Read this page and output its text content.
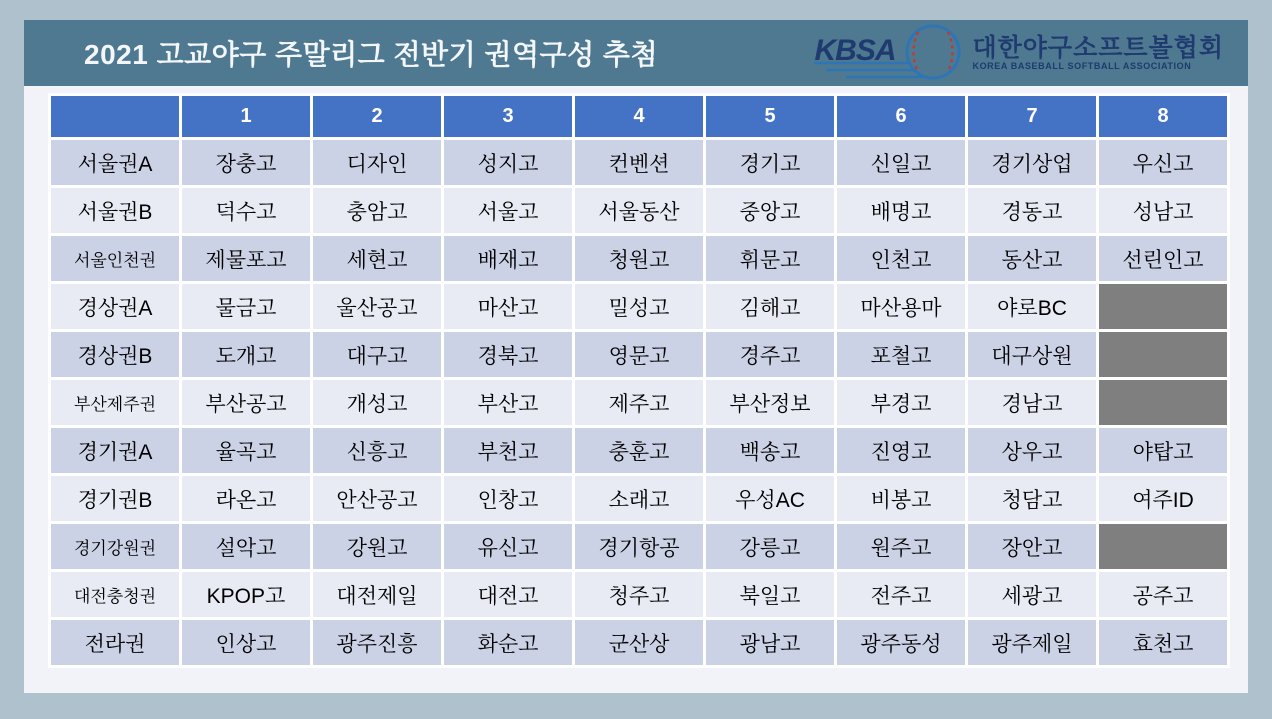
2021 고교야구 주말리그 전반기 권역구성 추첨	KBSA	대한야구소프트볼협회
KOREA BASEBALL SOFTBALL ASSOCIATION
	1	2	3	4	5	6	7	8
서울권A	장충고	디자인	성지고	컨벤션	경기고	신일고	경기상업	우신고
서울권B	덕수고	충암고	서울고	서울동산	중앙고	배명고	경동고	성남고
서울인천권	제물포고	세현고	배재고	청원고	휘문고	인천고	동산고	선린인고
경상권A	물금고	울산공고	마산고	밀성고	김해고	마산용마	야로BC	
경상권B	도개고	대구고	경북고	영문고	경주고	포철고	대구상원	
부산제주권	부산공고	개성고	부산고	제주고	부산정보	부경고	경남고	
경기권A	율곡고	신흥고	부천고	충훈고	백송고	진영고	상우고	야탑고
경기권B	라온고	안산공고	인창고	소래고	우성AC	비봉고	청담고	여주ID
경기강원권	설악고	강원고	유신고	경기항공	강릉고	원주고	장안고	
대전충청권	KPOP고	대전제일	대전고	청주고	북일고	전주고	세광고	공주고
전라권	인상고	광주진흥	화순고	군산상	광남고	광주동성	광주제일	효천고
